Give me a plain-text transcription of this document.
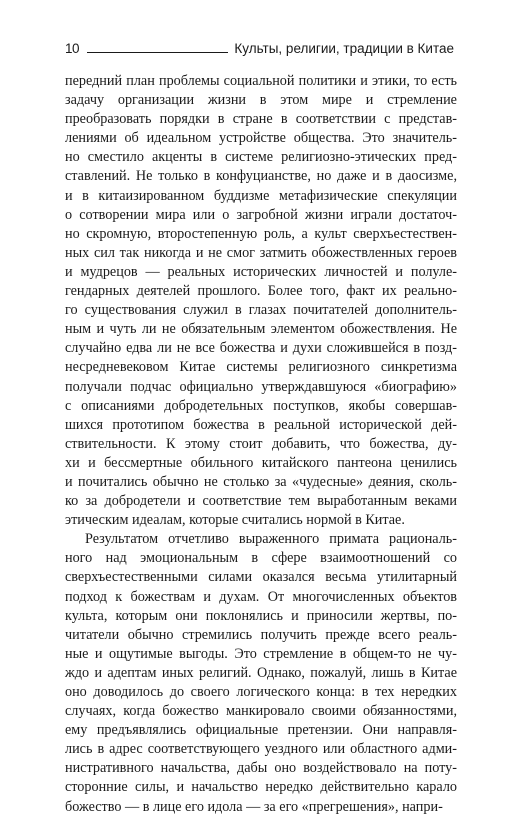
10	Культы, религии, традиции в Китае
передний план проблемы социальной политики и этики, то есть
задачу организации жизни в этом мире и стремление
преобразовать порядки в стране в соответствии с представ-
лениями об идеальном устройстве общества. Это значитель-
но сместило акценты в системе религиозно-этических пред-
ставлений. Не только в конфуцианстве, но даже и в даосизме,
и в китаизированном буддизме метафизические спекуляции
о сотворении мира или о загробной жизни играли достаточ-
но скромную, второстепенную роль, а культ сверхъестествен-
ных сил так никогда и не смог затмить обожествленных героев
и мудрецов — реальных исторических личностей и полуле-
гендарных деятелей прошлого. Более того, факт их реально-
го существования служил в глазах почитателей дополнитель-
ным и чуть ли не обязательным элементом обожествления. Не
случайно едва ли не все божества и духи сложившейся в позд-
несредневековом Китае системы религиозного синкретизма
получали подчас официально утверждавшуюся «биографию»
с описаниями добродетельных поступков, якобы совершав-
шихся прототипом божества в реальной исторической дей-
ствительности. К этому стоит добавить, что божества, ду-
хи и бессмертные обильного китайского пантеона ценились
и почитались обычно не столько за «чудесные» деяния, сколь-
ко за добродетели и соответствие тем выработанным веками
этическим идеалам, которые считались нормой в Китае.
Результатом отчетливо выраженного примата рациональ-
ного над эмоциональным в сфере взаимоотношений со
сверхъестественными силами оказался весьма утилитарный
подход к божествам и духам. От многочисленных объектов
культа, которым они поклонялись и приносили жертвы, по-
читатели обычно стремились получить прежде всего реаль-
ные и ощутимые выгоды. Это стремление в общем-то не чу-
ждо и адептам иных религий. Однако, пожалуй, лишь в Китае
оно доводилось до своего логического конца: в тех нередких
случаях, когда божество манкировало своими обязанностями,
ему предъявлялись официальные претензии. Они направля-
лись в адрес соответствующего уездного или областного адми-
нистративного начальства, дабы оно воздействовало на поту-
сторонние силы, и начальство нередко действительно карало
божество — в лице его идола — за его «прегрешения», напри-
